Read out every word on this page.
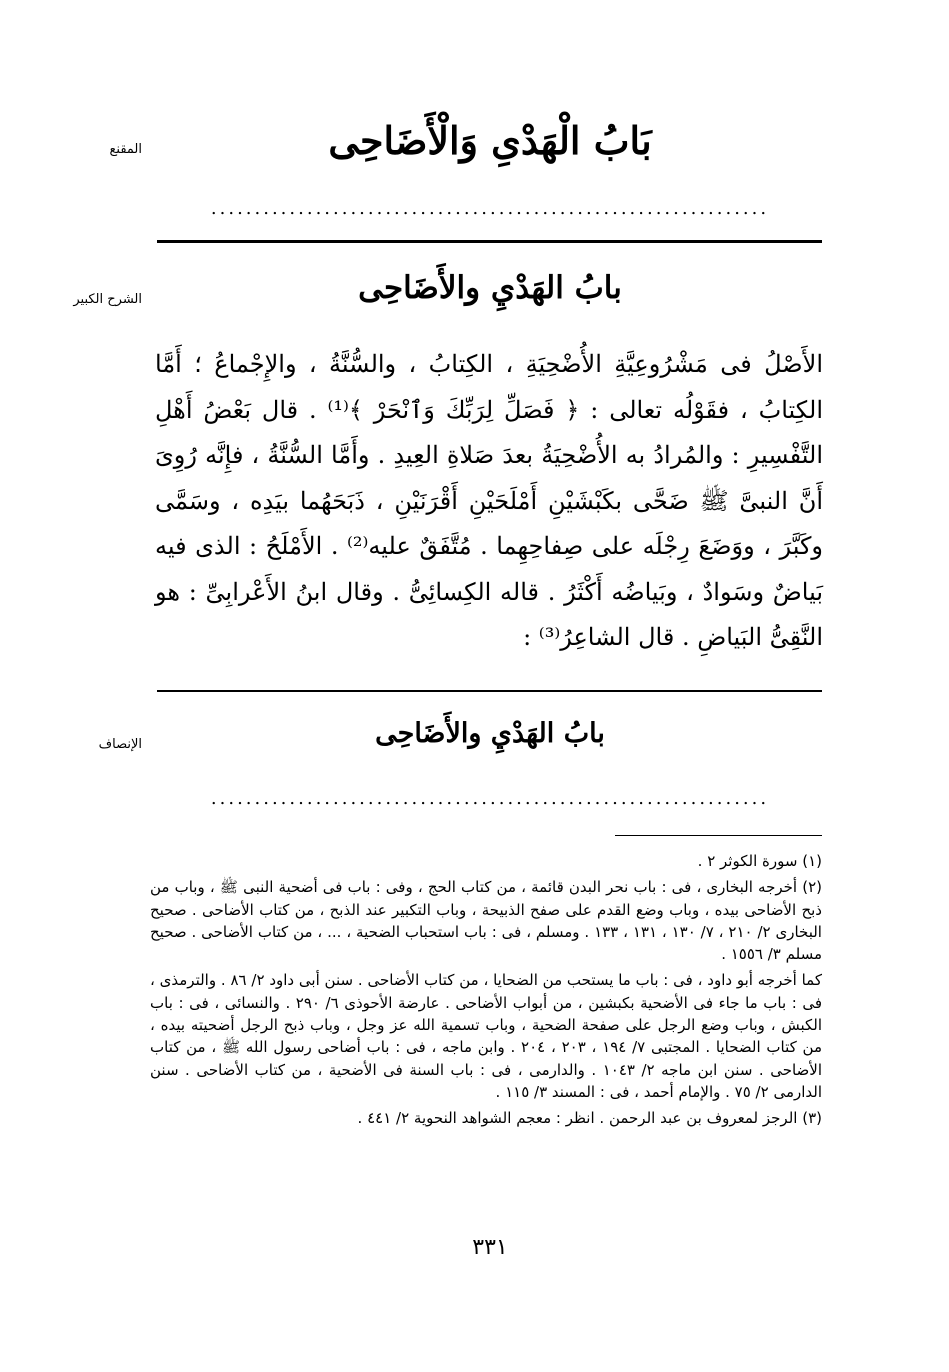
المقنع	بَابُ الْهَدْىِ وَالْأَضَاحِى
................................................................
الشرح الكبير	بابُ الهَدْيِ والأَضَاحِى
الأَصْلُ فى مَشْرُوعِيَّةِ الأُضْحِيَةِ ، الكِتابُ ، والسُّنَّةُ ، والإِجْماعُ ؛ أَمَّا الكِتابُ ، فقَوْلُه تعالى : ﴿ فَصَلِّ لِرَبِّكَ وَٱنْحَرْ ﴾⁽¹⁾ . قال بَعْضُ أَهْلِ التَّفْسِيرِ : والمُرادُ به الأُضْحِيَةُ بعدَ صَلاةِ العِيدِ . وأَمَّا السُّنَّةُ ، فإِنَّه رُوِىَ أَنَّ النبىَّ ﷺ ضَحَّى بكَبْشَيْنِ أَمْلَحَيْنِ أَقْرَنَيْنِ ، ذَبَحَهُما بيَدِه ، وسَمَّى وكَبَّرَ ، ووَضَعَ رِجْلَه على صِفاحِهِما . مُتَّفَقٌ عليه⁽²⁾ . الأَمْلَحُ : الذى فيه بَياضٌ وسَوادٌ ، وبَياضُه أَكْثَرُ . قاله الكِسائِىُّ . وقال ابنُ الأَعْرابِىِّ : هو النَّقِىُّ البَياضِ . قال الشاعِرُ⁽³⁾ :
الإنصاف	بابُ الهَدْيِ والأَضَاحِى
................................................................

(١) سورة الكوثر ٢ .

(٢) أخرجه البخارى ، فى : باب نحر البدن قائمة ، من كتاب الحج ، وفى : باب فى أضحية النبى ﷺ ، وباب من ذبح الأضاحى بيده ، وباب وضع القدم على صفح الذبيحة ، وباب التكبير عند الذبح ، من كتاب الأضاحى . صحيح البخارى ٢/ ٢١٠ ، ٧/ ١٣٠ ، ١٣١ ، ١٣٣ . ومسلم ، فى : باب استحباب الضحية ، ... ، من كتاب الأضاحى . صحيح مسلم ٣/ ١٥٥٦ .

كما أخرجه أبو داود ، فى : باب ما يستحب من الضحايا ، من كتاب الأضاحى . سنن أبى داود ٢/ ٨٦ . والترمذى ، فى : باب ما جاء فى الأضحية بكبشين ، من أبواب الأضاحى . عارضة الأحوذى ٦/ ٢٩٠ . والنسائى ، فى : باب الكبش ، وباب وضع الرجل على صفحة الضحية ، وباب تسمية الله عز وجل ، وباب ذبح الرجل أضحيته بيده ، من كتاب الضحايا . المجتبى ٧/ ١٩٤ ، ٢٠٣ ، ٢٠٤ . وابن ماجه ، فى : باب أضاحى رسول الله ﷺ ، من كتاب الأضاحى . سنن ابن ماجه ٢/ ١٠٤٣ . والدارمى ، فى : باب السنة فى الأضحية ، من كتاب الأضاحى . سنن الدارمى ٢/ ٧٥ . والإمام أحمد ، فى : المسند ٣/ ١١٥ .

(٣) الرجز لمعروف بن عبد الرحمن . انظر : معجم الشواهد النحوية ٢/ ٤٤١ .

٣٣١
